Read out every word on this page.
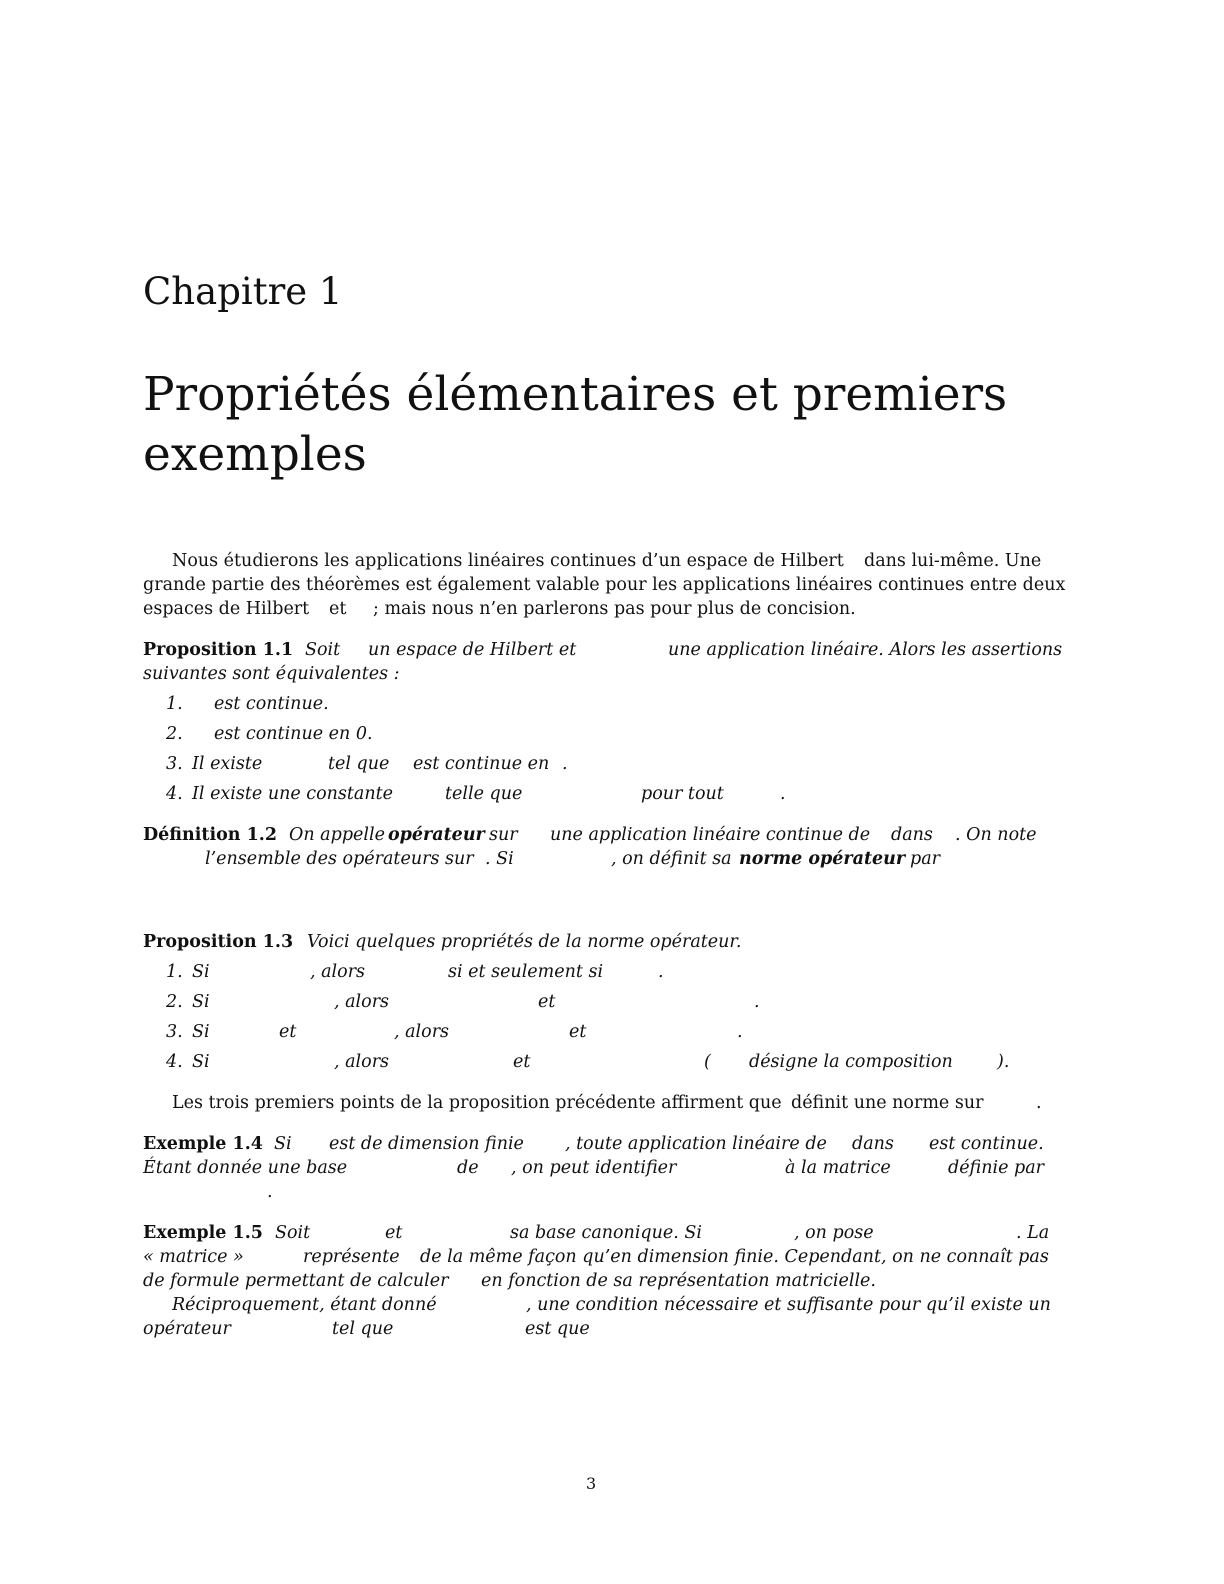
Chapitre 1
Propriétés élémentaires et premiers exemples
Nous étudierons les applications linéaires continues d’un espace de Hilbert dans lui-même. Une
grande partie des théorèmes est également valable pour les applications linéaires continues entre deux
espaces de Hilbert et ; mais nous n’en parlerons pas pour plus de concision.
Proposition 1.1 Soit un espace de Hilbert et	une application linéaire. Alors les assertions
suivantes sont équivalentes :
1. est continue.
2. est continue en 0.
3. Il existe	tel que est continue en .
4. Il existe une constante	telle que	pour tout	.
Définition 1.2 On appelle opérateur sur une application linéaire continue de dans . On note
l’ensemble des opérateurs sur . Si	, on définit sa norme opérateur par
Proposition 1.3 Voici quelques propriétés de la norme opérateur.
1. Si	, alors	si et seulement si	.
2. Si	, alors	et	.
3. Si	et	, alors	et	.
4. Si	, alors	et	( désigne la composition	).
Les trois premiers points de la proposition précédente affirment que définit une norme sur	.
Exemple 1.4 Si est de dimension finie , toute application linéaire de dans est continue.
Étant donnée une base	de , on peut identifier	à la matrice	définie par
.
Exemple 1.5 Soit	et	sa base canonique. Si	, on pose	. La
« matrice »	représente de la même façon qu’en dimension finie. Cependant, on ne connaît pas
de formule permettant de calculer en fonction de sa représentation matricielle.
Réciproquement, étant donné	, une condition nécessaire et suffisante pour qu’il existe un
opérateur	tel que	est que
3
